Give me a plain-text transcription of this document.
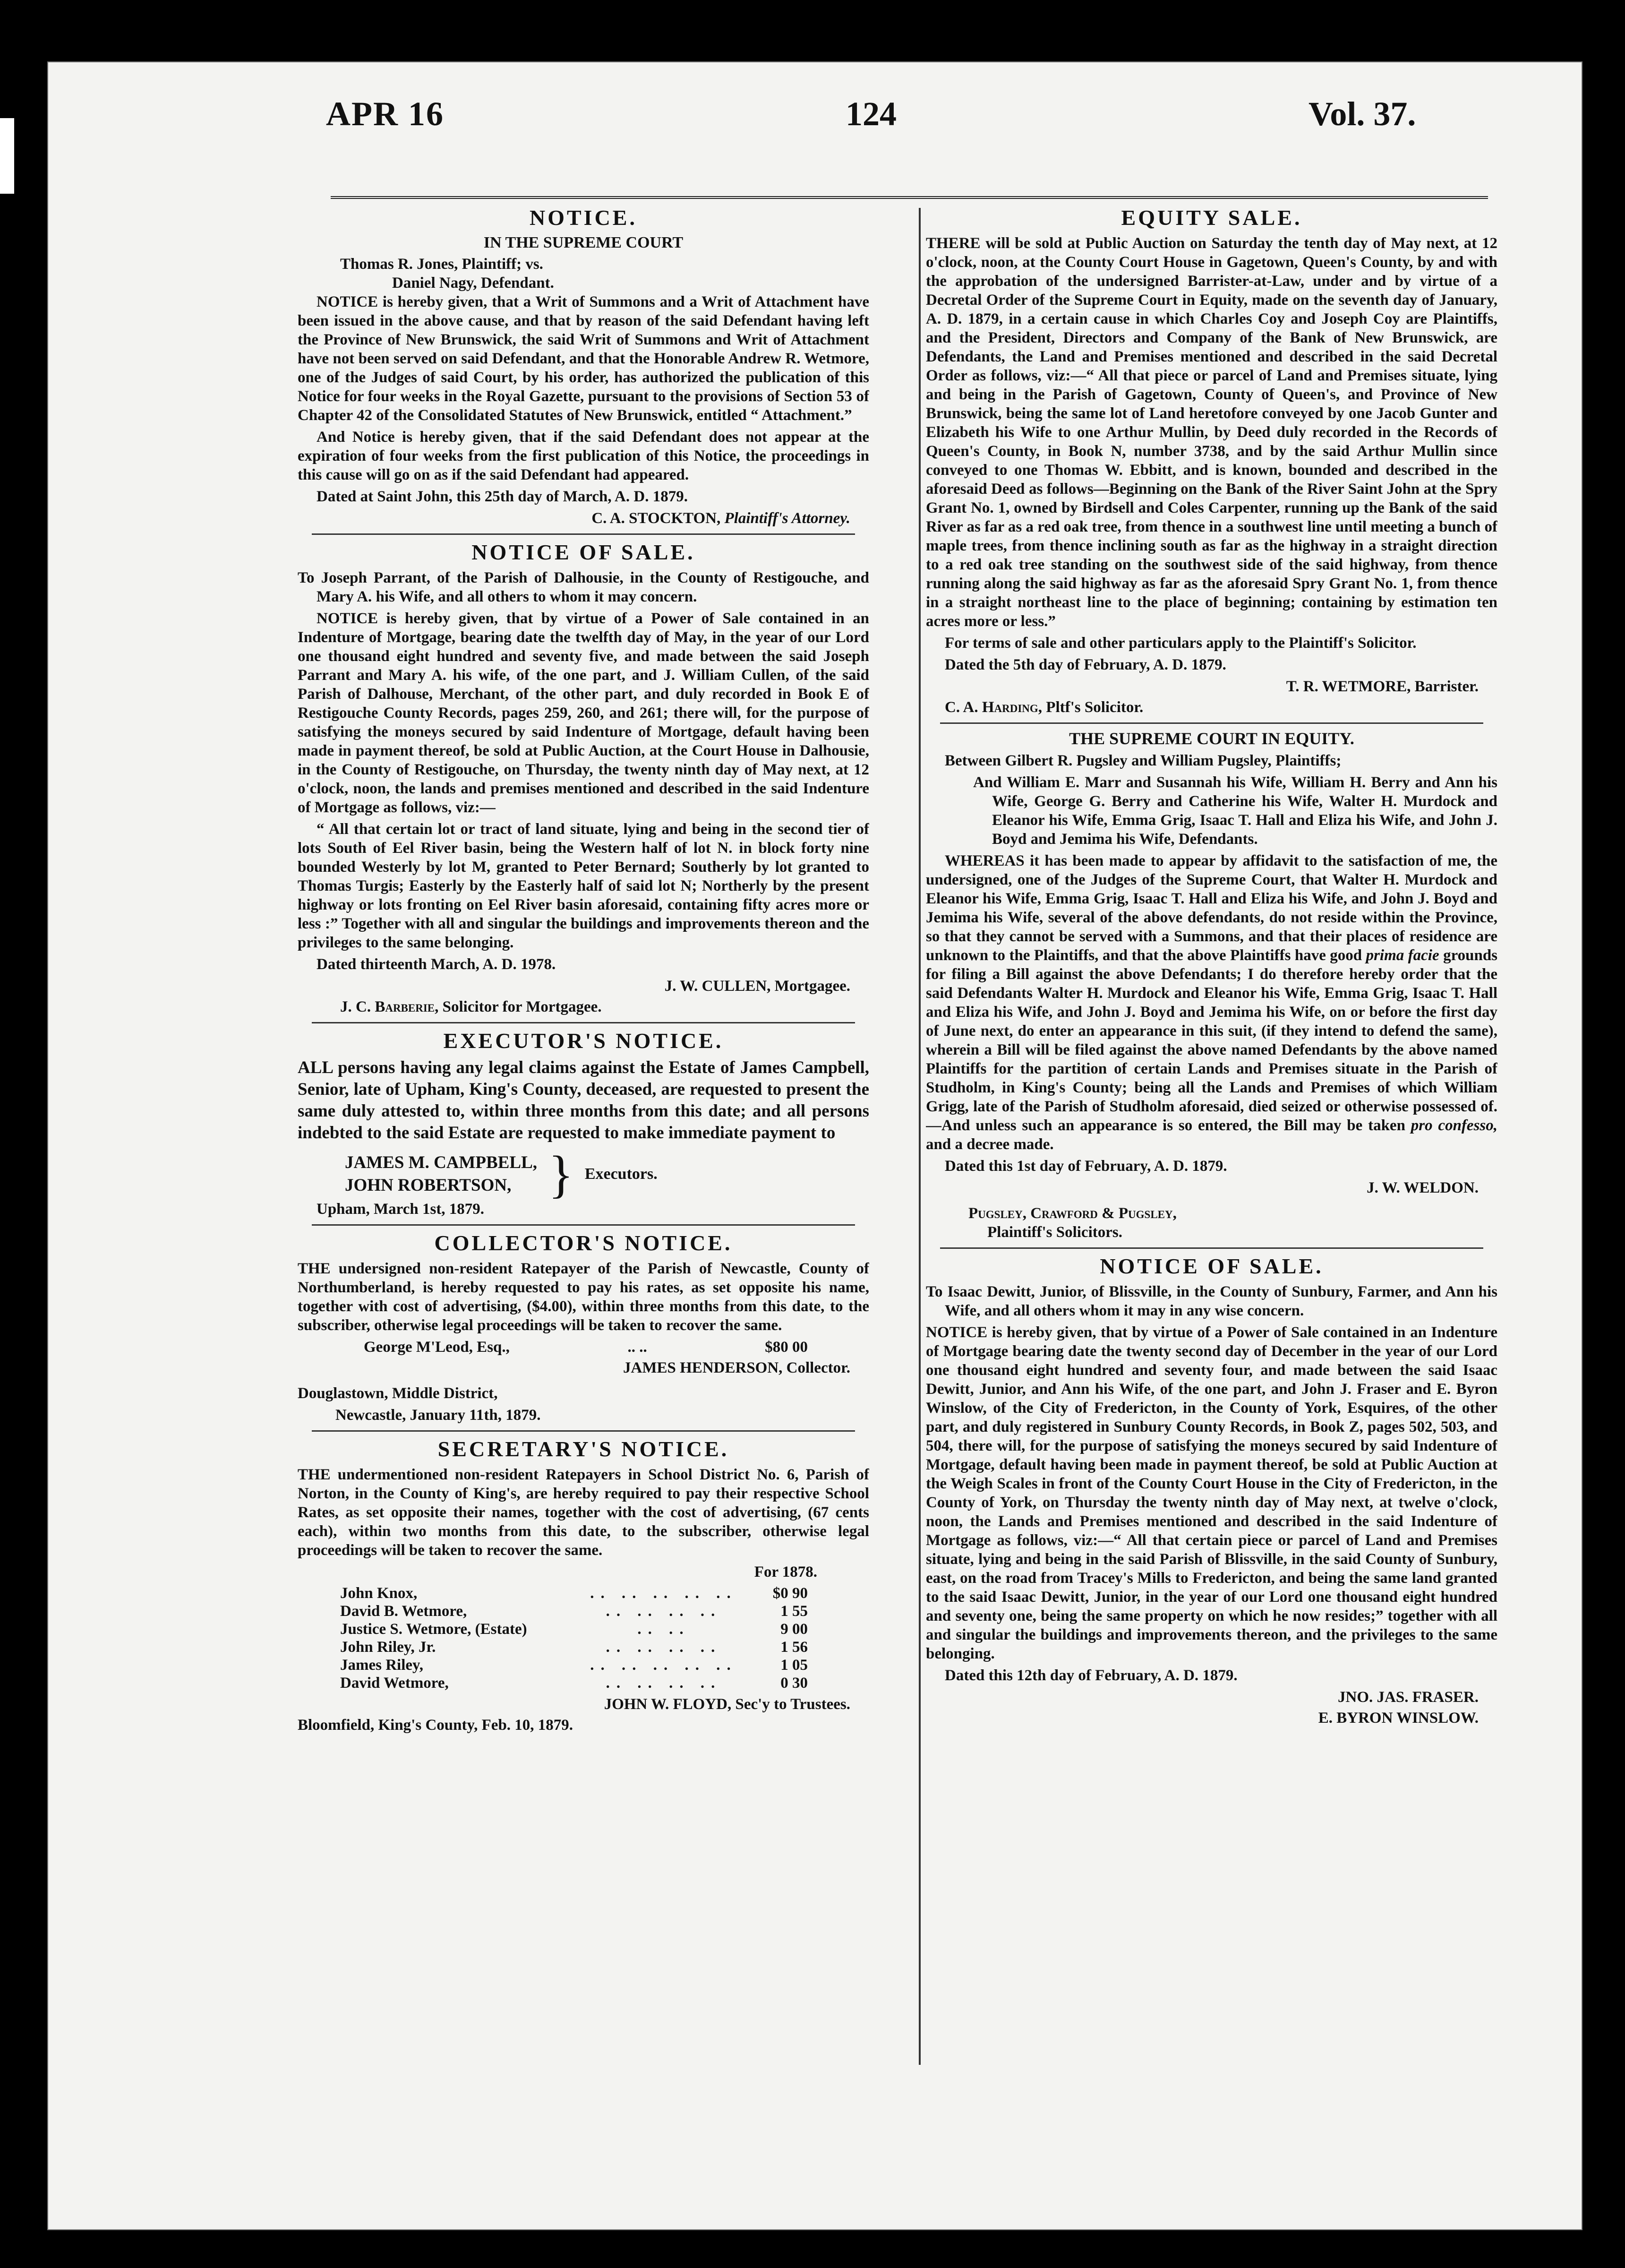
APR 16	124	Vol. 37.
NOTICE.
IN THE SUPREME COURT
Thomas R. Jones, Plaintiff; vs.
Daniel Nagy, Defendant.

NOTICE is hereby given, that a Writ of Summons and a Writ of Attachment have been issued in the above cause, and that by reason of the said Defendant having left the Province of New Brunswick, the said Writ of Summons and Writ of Attachment have not been served on said Defendant, and that the Honorable Andrew R. Wetmore, one of the Judges of said Court, by his order, has authorized the publication of this Notice for four weeks in the Royal Gazette, pursuant to the provisions of Section 53 of Chapter 42 of the Consolidated Statutes of New Brunswick, entitled “ Attachment.”

And Notice is hereby given, that if the said Defendant does not appear at the expiration of four weeks from the first publication of this Notice, the proceedings in this cause will go on as if the said Defendant had appeared.

Dated at Saint John, this 25th day of March, A. D. 1879.

C. A. STOCKTON, Plaintiff's Attorney.
NOTICE OF SALE.

To Joseph Parrant, of the Parish of Dalhousie, in the County of Restigouche, and Mary A. his Wife, and all others to whom it may concern.

NOTICE is hereby given, that by virtue of a Power of Sale contained in an Indenture of Mortgage, bearing date the twelfth day of May, in the year of our Lord one thousand eight hundred and seventy five, and made between the said Joseph Parrant and Mary A. his wife, of the one part, and J. William Cullen, of the said Parish of Dalhouse, Merchant, of the other part, and duly recorded in Book E of Restigouche County Records, pages 259, 260, and 261; there will, for the purpose of satisfying the moneys secured by said Indenture of Mortgage, default having been made in payment thereof, be sold at Public Auction, at the Court House in Dalhousie, in the County of Restigouche, on Thursday, the twenty ninth day of May next, at 12 o'clock, noon, the lands and premises mentioned and described in the said Indenture of Mortgage as follows, viz:—

“ All that certain lot or tract of land situate, lying and being in the second tier of lots South of Eel River basin, being the Western half of lot N. in block forty nine bounded Westerly by lot M, granted to Peter Bernard; Southerly by lot granted to Thomas Turgis; Easterly by the Easterly half of said lot N; Northerly by the present highway or lots fronting on Eel River basin aforesaid, containing fifty acres more or less :” Together with all and singular the buildings and improvements thereon and the privileges to the same belonging.

Dated thirteenth March, A. D. 1978.

J. W. CULLEN, Mortgagee.
J. C. Barberie, Solicitor for Mortgagee.
EXECUTOR'S NOTICE.

ALL persons having any legal claims against the Estate of James Campbell, Senior, late of Upham, King's County, deceased, are requested to present the same duly attested to, within three months from this date; and all persons indebted to the said Estate are requested to make immediate payment to

JAMES M. CAMPBELL,
JOHN ROBERTSON, } Executors.

Upham, March 1st, 1879.

COLLECTOR'S NOTICE.

THE undersigned non-resident Ratepayer of the Parish of Newcastle, County of Northumberland, is hereby requested to pay his rates, as set opposite his name, together with cost of advertising, ($4.00), within three months from this date, to the subscriber, otherwise legal proceedings will be taken to recover the same.

George M'Leod, Esq.,	.. ..	$80 00
JAMES HENDERSON, Collector.

Douglastown, Middle District,

Newcastle, January 11th, 1879.

SECRETARY'S NOTICE.

THE undermentioned non-resident Ratepayers in School District No. 6, Parish of Norton, in the County of King's, are hereby required to pay their respective School Rates, as set opposite their names, together with the cost of advertising, (67 cents each), within two months from this date, to the subscriber, otherwise legal proceedings will be taken to recover the same.

For 1878.

John Knox,	.. .. .. .. ..	$0 90
David B. Wetmore,	.. .. .. ..	1 55
Justice S. Wetmore, (Estate)	.. ..	9 00
John Riley, Jr.	.. .. .. ..	1 56
James Riley,	.. .. .. .. ..	1 05
David Wetmore,	.. .. .. ..	0 30
JOHN W. FLOYD, Sec'y to Trustees.

Bloomfield, King's County, Feb. 10, 1879.

EQUITY SALE.

THERE will be sold at Public Auction on Saturday the tenth day of May next, at 12 o'clock, noon, at the County Court House in Gagetown, Queen's County, by and with the approbation of the undersigned Barrister-at-Law, under and by virtue of a Decretal Order of the Supreme Court in Equity, made on the seventh day of January, A. D. 1879, in a certain cause in which Charles Coy and Joseph Coy are Plaintiffs, and the President, Directors and Company of the Bank of New Brunswick, are Defendants, the Land and Premises mentioned and described in the said Decretal Order as follows, viz:—“ All that piece or parcel of Land and Premises situate, lying and being in the Parish of Gagetown, County of Queen's, and Province of New Brunswick, being the same lot of Land heretofore conveyed by one Jacob Gunter and Elizabeth his Wife to one Arthur Mullin, by Deed duly recorded in the Records of Queen's County, in Book N, number 3738, and by the said Arthur Mullin since conveyed to one Thomas W. Ebbitt, and is known, bounded and described in the aforesaid Deed as follows—Beginning on the Bank of the River Saint John at the Spry Grant No. 1, owned by Birdsell and Coles Carpenter, running up the Bank of the said River as far as a red oak tree, from thence in a southwest line until meeting a bunch of maple trees, from thence inclining south as far as the highway in a straight direction to a red oak tree standing on the southwest side of the said highway, from thence running along the said highway as far as the aforesaid Spry Grant No. 1, from thence in a straight northeast line to the place of beginning; containing by estimation ten acres more or less.”

For terms of sale and other particulars apply to the Plaintiff's Solicitor.

Dated the 5th day of February, A. D. 1879.

T. R. WETMORE, Barrister.
C. A. Harding, Pltf's Solicitor.
THE SUPREME COURT IN EQUITY.

Between Gilbert R. Pugsley and William Pugsley, Plaintiffs;

And William E. Marr and Susannah his Wife, William H. Berry and Ann his Wife, George G. Berry and Catherine his Wife, Walter H. Murdock and Eleanor his Wife, Emma Grig, Isaac T. Hall and Eliza his Wife, and John J. Boyd and Jemima his Wife, Defendants.

WHEREAS it has been made to appear by affidavit to the satisfaction of me, the undersigned, one of the Judges of the Supreme Court, that Walter H. Murdock and Eleanor his Wife, Emma Grig, Isaac T. Hall and Eliza his Wife, and John J. Boyd and Jemima his Wife, several of the above defendants, do not reside within the Province, so that they cannot be served with a Summons, and that their places of residence are unknown to the Plaintiffs, and that the above Plaintiffs have good prima facie grounds for filing a Bill against the above Defendants; I do therefore hereby order that the said Defendants Walter H. Murdock and Eleanor his Wife, Emma Grig, Isaac T. Hall and Eliza his Wife, and John J. Boyd and Jemima his Wife, on or before the first day of June next, do enter an appearance in this suit, (if they intend to defend the same), wherein a Bill will be filed against the above named Defendants by the above named Plaintiffs for the partition of certain Lands and Premises situate in the Parish of Studholm, in King's County; being all the Lands and Premises of which William Grigg, late of the Parish of Studholm aforesaid, died seized or otherwise possessed of.—And unless such an appearance is so entered, the Bill may be taken pro confesso, and a decree made.

Dated this 1st day of February, A. D. 1879.

J. W. WELDON.
Pugsley, Crawford & Pugsley,
Plaintiff's Solicitors.
NOTICE OF SALE.

To Isaac Dewitt, Junior, of Blissville, in the County of Sunbury, Farmer, and Ann his Wife, and all others whom it may in any wise concern.

NOTICE is hereby given, that by virtue of a Power of Sale contained in an Indenture of Mortgage bearing date the twenty second day of December in the year of our Lord one thousand eight hundred and seventy four, and made between the said Isaac Dewitt, Junior, and Ann his Wife, of the one part, and John J. Fraser and E. Byron Winslow, of the City of Fredericton, in the County of York, Esquires, of the other part, and duly registered in Sunbury County Records, in Book Z, pages 502, 503, and 504, there will, for the purpose of satisfying the moneys secured by said Indenture of Mortgage, default having been made in payment thereof, be sold at Public Auction at the Weigh Scales in front of the County Court House in the City of Fredericton, in the County of York, on Thursday the twenty ninth day of May next, at twelve o'clock, noon, the Lands and Premises mentioned and described in the said Indenture of Mortgage as follows, viz:—“ All that certain piece or parcel of Land and Premises situate, lying and being in the said Parish of Blissville, in the said County of Sunbury, east, on the road from Tracey's Mills to Fredericton, and being the same land granted to the said Isaac Dewitt, Junior, in the year of our Lord one thousand eight hundred and seventy one, being the same property on which he now resides;” together with all and singular the buildings and improvements thereon, and the privileges to the same belonging.

Dated this 12th day of February, A. D. 1879.

JNO. JAS. FRASER.
E. BYRON WINSLOW.
